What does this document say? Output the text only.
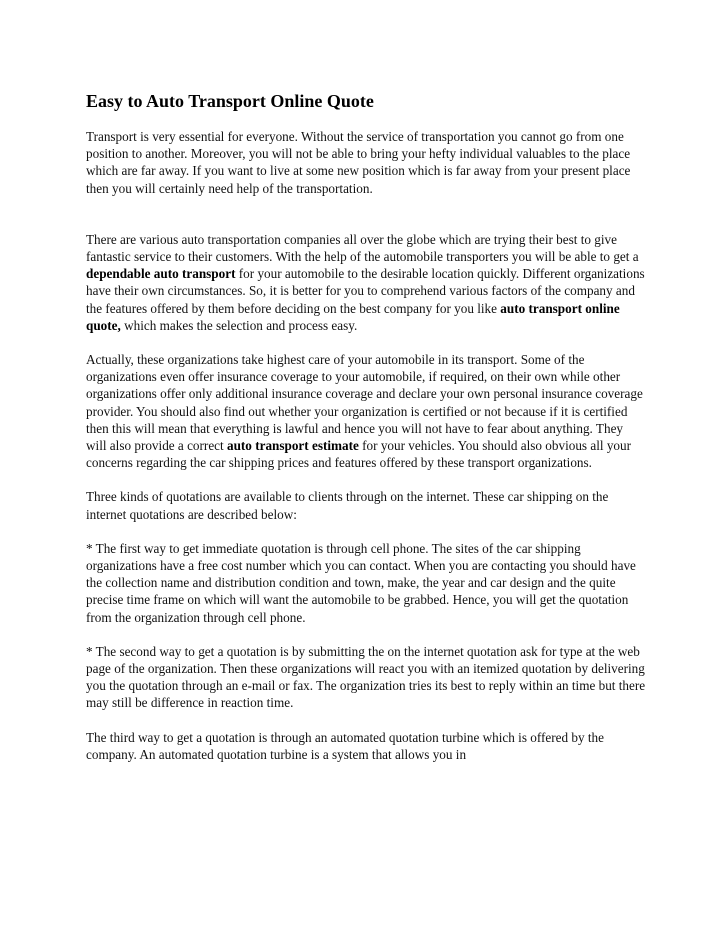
Easy to Auto Transport Online Quote

Transport is very essential for everyone. Without the service of transportation you cannot go from one position to another. Moreover, you will not be able to bring your hefty individual valuables to the place which are far away. If you want to live at some new position which is far away from your present place then you will certainly need help of the transportation.

There are various auto transportation companies all over the globe which are trying their best to give fantastic service to their customers. With the help of the automobile transporters you will be able to get a dependable auto transport for your automobile to the desirable location quickly. Different organizations have their own circumstances. So, it is better for you to comprehend various factors of the company and the features offered by them before deciding on the best company for you like auto transport online quote, which makes the selection and process easy.

Actually, these organizations take highest care of your automobile in its transport. Some of the organizations even offer insurance coverage to your automobile, if required, on their own while other organizations offer only additional insurance coverage and declare your own personal insurance coverage provider. You should also find out whether your organization is certified or not because if it is certified then this will mean that everything is lawful and hence you will not have to fear about anything. They will also provide a correct auto transport estimate for your vehicles. You should also obvious all your concerns regarding the car shipping prices and features offered by these transport organizations.

Three kinds of quotations are available to clients through on the internet. These car shipping on the internet quotations are described below:

* The first way to get immediate quotation is through cell phone. The sites of the car shipping organizations have a free cost number which you can contact. When you are contacting you should have the collection name and distribution condition and town, make, the year and car design and the quite precise time frame on which will want the automobile to be grabbed. Hence, you will get the quotation from the organization through cell phone.

* The second way to get a quotation is by submitting the on the internet quotation ask for type at the web page of the organization. Then these organizations will react you with an itemized quotation by delivering you the quotation through an e-mail or fax. The organization tries its best to reply within an time but there may still be difference in reaction time.

The third way to get a quotation is through an automated quotation turbine which is offered by the company. An automated quotation turbine is a system that allows you in
